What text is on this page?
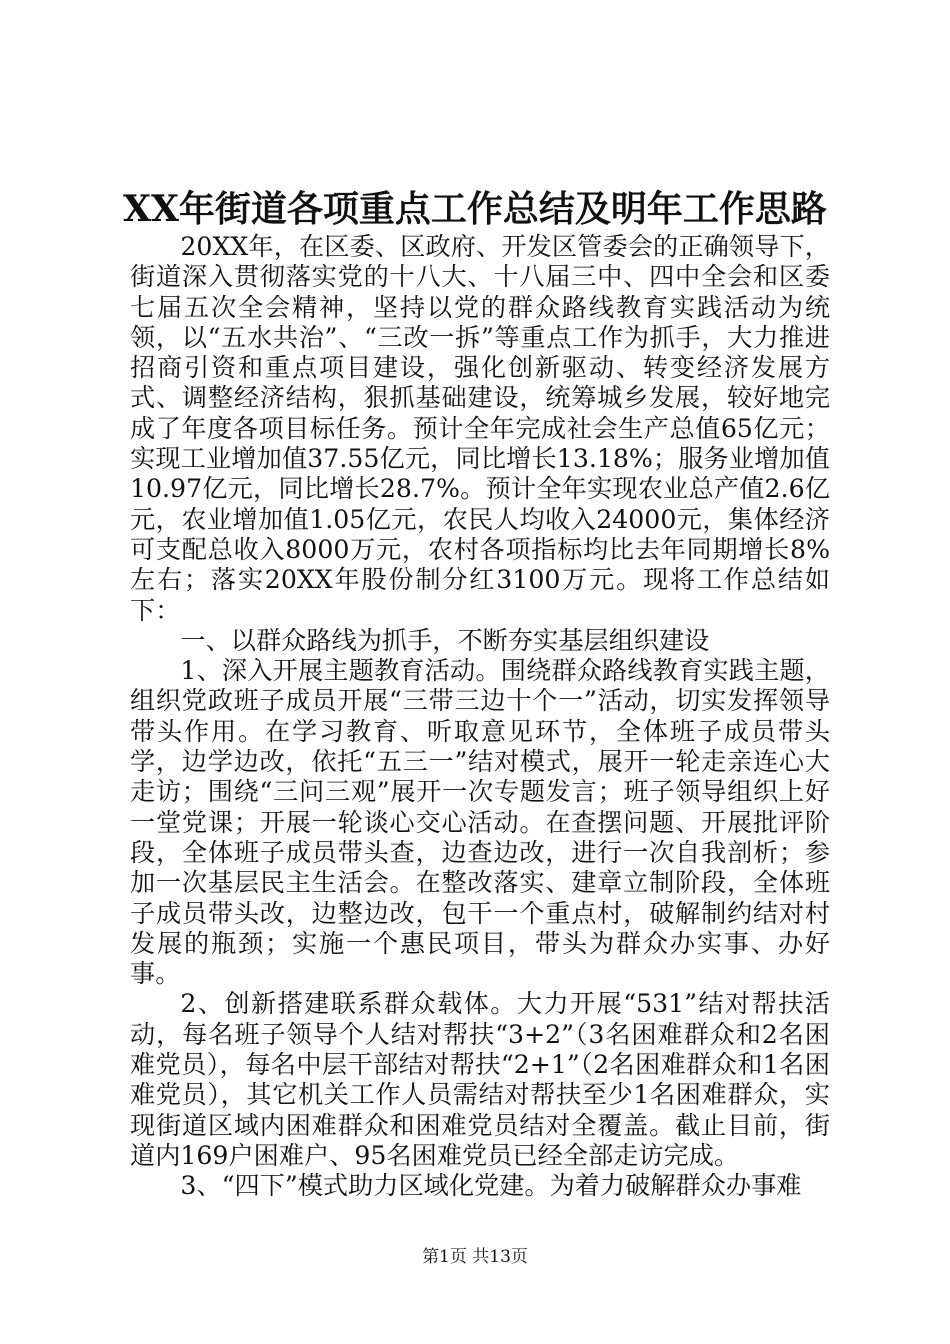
XX年街道各项重点工作总结及明年工作思路

20XX年，在区委、区政府、开发区管委会的正确领导下，街道深入贯彻落实党的十八大、十八届三中、四中全会和区委七届五次全会精神，坚持以党的群众路线教育实践活动为统领，以“五水共治”、“三改一拆”等重点工作为抓手，大力推进招商引资和重点项目建设，强化创新驱动、转变经济发展方式、调整经济结构，狠抓基础建设，统筹城乡发展，较好地完成了年度各项目标任务。预计全年完成社会生产总值65亿元；实现工业增加值37.55亿元，同比增长13.18%；服务业增加值10.97亿元，同比增长28.7%。预计全年实现农业总产值2.6亿元，农业增加值1.05亿元，农民人均收入24000元，集体经济可支配总收入8000万元，农村各项指标均比去年同期增长8%左右；落实20XX年股份制分红3100万元。现将工作总结如下：

一、以群众路线为抓手，不断夯实基层组织建设

1、深入开展主题教育活动。围绕群众路线教育实践主题，组织党政班子成员开展“三带三边十个一”活动，切实发挥领导带头作用。在学习教育、听取意见环节，全体班子成员带头学，边学边改，依托“五三一”结对模式，展开一轮走亲连心大走访；围绕“三问三观”展开一次专题发言；班子领导组织上好一堂党课；开展一轮谈心交心活动。在查摆问题、开展批评阶段，全体班子成员带头查，边查边改，进行一次自我剖析；参加一次基层民主生活会。在整改落实、建章立制阶段，全体班子成员带头改，边整边改，包干一个重点村，破解制约结对村发展的瓶颈；实施一个惠民项目，带头为群众办实事、办好事。

2、创新搭建联系群众载体。大力开展“531”结对帮扶活动，每名班子领导个人结对帮扶“3+2”（3名困难群众和2名困难党员），每名中层干部结对帮扶“2+1”（2名困难群众和1名困难党员），其它机关工作人员需结对帮扶至少1名困难群众，实现街道区域内困难群众和困难党员结对全覆盖。截止目前，街道内169户困难户、95名困难党员已经全部走访完成。

3、“四下”模式助力区域化党建。为着力破解群众办事难

第1页 共13页
